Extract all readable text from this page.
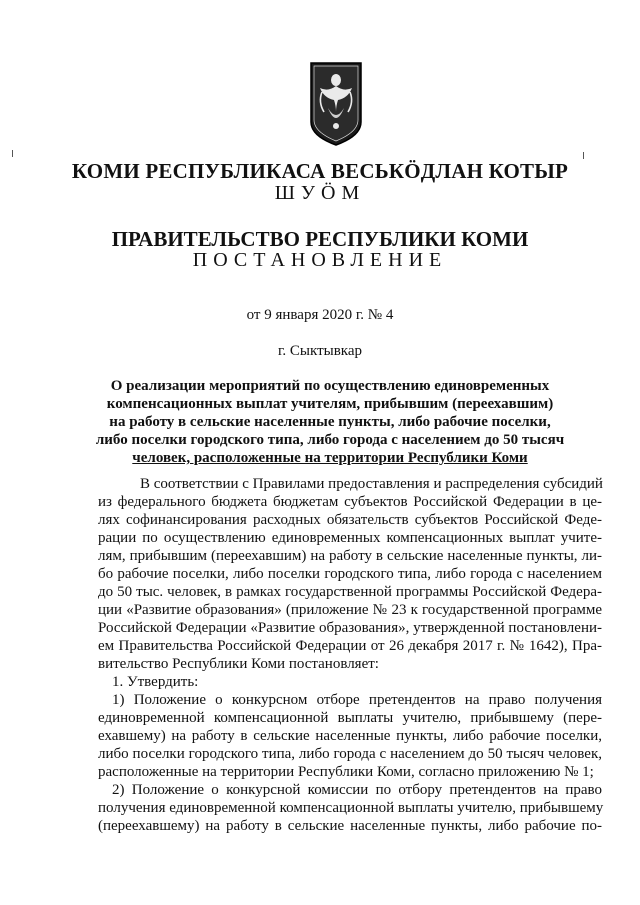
КОМИ РЕСПУБЛИКАСА ВЕСЬКӦДЛАН КОТЫР
ШУӦМ
ПРАВИТЕЛЬСТВО РЕСПУБЛИКИ КОМИ
ПОСТАНОВЛЕНИЕ
от 9 января 2020 г. № 4
г. Сыктывкар
О реализации мероприятий по осуществлению единовременных
компенсационных выплат учителям, прибывшим (переехавшим)
на работу в сельские населенные пункты, либо рабочие поселки,
либо поселки городского типа, либо города с населением до 50 тысяч
человек, расположенные на территории Республики Коми
В соответствии с Правилами предоставления и распределения субсидий
из федерального бюджета бюджетам субъектов Российской Федерации в це-
лях софинансирования расходных обязательств субъектов Российской Феде-
рации по осуществлению единовременных компенсационных выплат учите-
лям, прибывшим (переехавшим) на работу в сельские населенные пункты, ли-
бо рабочие поселки, либо поселки городского типа, либо города с населением
до 50 тыс. человек, в рамках государственной программы Российской Федера-
ции «Развитие образования» (приложение № 23 к государственной программе
Российской Федерации «Развитие образования», утвержденной постановлени-
ем Правительства Российской Федерации от 26 декабря 2017 г. № 1642), Пра-
вительство Республики Коми постановляет:
1. Утвердить:
1) Положение о конкурсном отборе претендентов на право получения
единовременной компенсационной выплаты учителю, прибывшему (пере-
ехавшему) на работу в сельские населенные пункты, либо рабочие поселки,
либо поселки городского типа, либо города с населением до 50 тысяч человек,
расположенные на территории Республики Коми, согласно приложению № 1;
2) Положение о конкурсной комиссии по отбору претендентов на право
получения единовременной компенсационной выплаты учителю, прибывшему
(переехавшему) на работу в сельские населенные пункты, либо рабочие по-
